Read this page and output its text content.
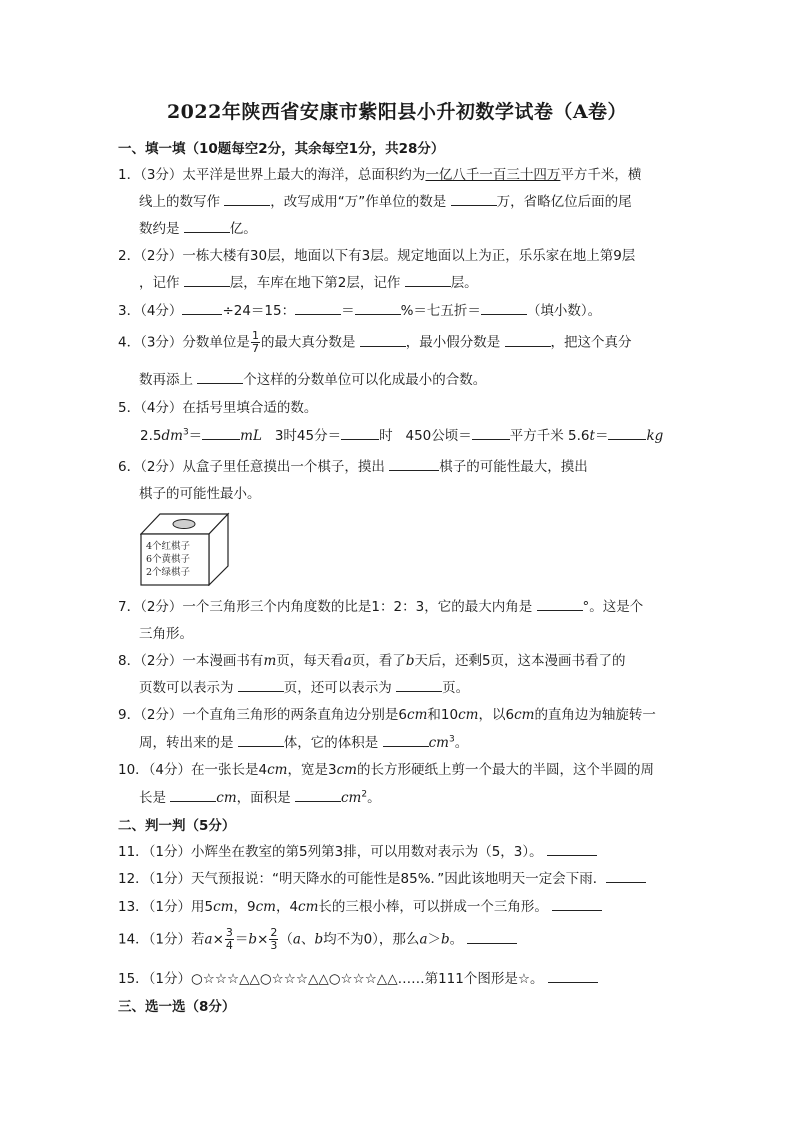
2022年陕西省安康市紫阳县小升初数学试卷（A卷）
一、填一填（10题每空2分，其余每空1分，共28分）
1．（3分）太平洋是世界上最大的海洋，总面积约为一亿八千一百三十四万平方千米，横
线上的数写作	，改写成用“万”作单位的数是	万，省略亿位后面的尾
数约是	亿。
2．（2分）一栋大楼有30层，地面以下有3层。规定地面以上为正，乐乐家在地上第9层
，记作	层，车库在地下第2层，记作	层。
3．（4分）	÷24＝15：	＝	%＝七五折＝	（填小数）。
4．（3分）分数单位是 $\frac{1}{7}$ 的最大真分数是	，最小假分数是	，把这个真分
数再添上	个这样的分数单位可以化成最小的合数。
5．（4分）在括号里填合适的数。
$2.5dm^3=$	mL 3时45分＝	时 450公顷＝	平方千米 5.6t＝	kg
6．（2分）从盒子里任意摸出一个棋子，摸出	棋子的可能性最大，摸出
棋子的可能性最小。
4个红棋子
6个黄棋子
2个绿棋子
7．（2分）一个三角形三个内角度数的比是1：2：3，它的最大内角是	°。这是个
三角形。
8．（2分）一本漫画书有m页，每天看a页，看了b天后，还剩5页，这本漫画书看了的
页数可以表示为	页，还可以表示为	页。
9．（2分）一个直角三角形的两条直角边分别是6cm和10cm，以6cm的直角边为轴旋转一
周，转出来的是	体，它的体积是	$cm^3$。
10．（4分）在一张长是4cm，宽是3cm的长方形硬纸上剪一个最大的半圆，这个半圆的周
长是	cm，面积是	$cm^2$。
二、判一判（5分）
11．（1分）小辉坐在教室的第5列第3排，可以用数对表示为（5，3）。
12．（1分）天气预报说：“明天降水的可能性是85%．”因此该地明天一定会下雨．
13．（1分）用5cm，9cm，4cm长的三根小棒，可以拼成一个三角形。
14．（1分）若$a\times \frac{3}{4} =b\times \frac{2}{3} (a$、b均不为0），那么a＞b。
15．（1分）○☆☆☆△△○☆☆☆△△○☆☆☆△△……第111个图形是☆。
三、选一选（8分）
